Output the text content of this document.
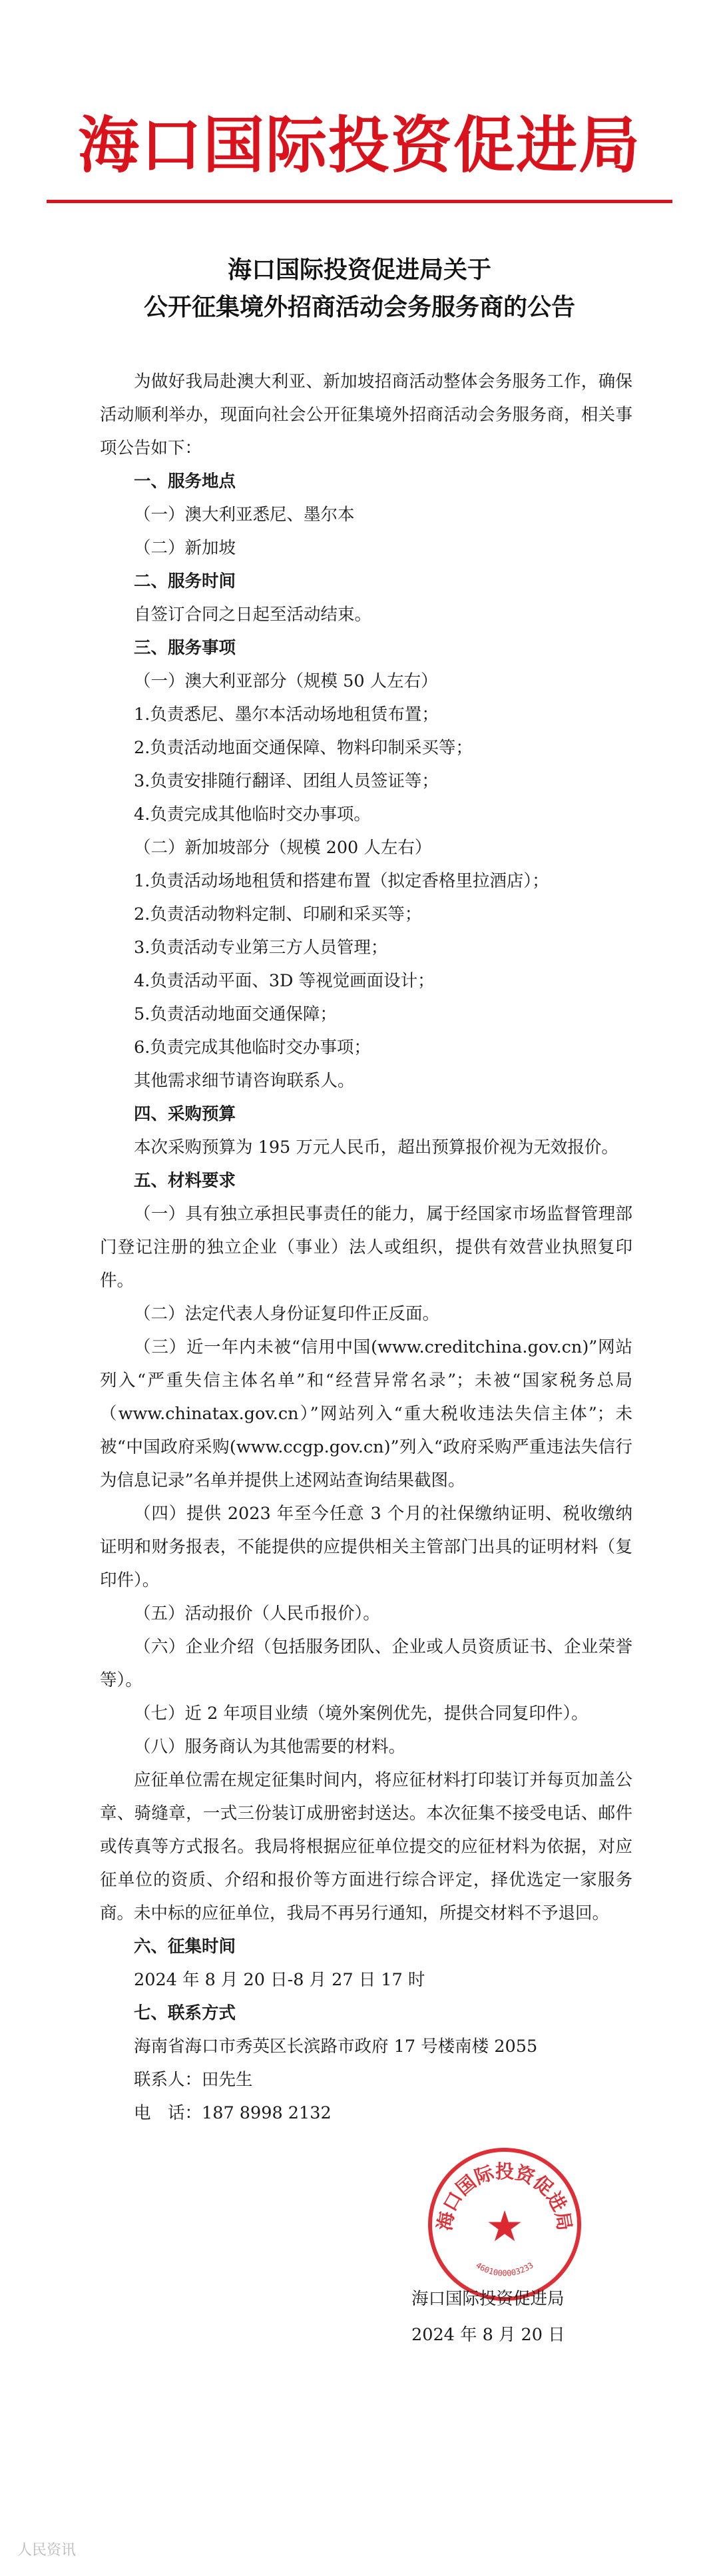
海口国际投资促进局
海口国际投资促进局关于
公开征集境外招商活动会务服务商的公告

为做好我局赴澳大利亚、新加坡招商活动整体会务服务工作，确保活动顺利举办，现面向社会公开征集境外招商活动会务服务商，相关事项公告如下：

一、服务地点

（一）澳大利亚悉尼、墨尔本

（二）新加坡

二、服务时间

自签订合同之日起至活动结束。

三、服务事项

（一）澳大利亚部分（规模 50 人左右）

1.负责悉尼、墨尔本活动场地租赁布置；

2.负责活动地面交通保障、物料印制采买等；

3.负责安排随行翻译、团组人员签证等；

4.负责完成其他临时交办事项。

（二）新加坡部分（规模 200 人左右）

1.负责活动场地租赁和搭建布置（拟定香格里拉酒店）；

2.负责活动物料定制、印刷和采买等；

3.负责活动专业第三方人员管理；

4.负责活动平面、3D 等视觉画面设计；

5.负责活动地面交通保障；

6.负责完成其他临时交办事项；

其他需求细节请咨询联系人。

四、采购预算

本次采购预算为 195 万元人民币，超出预算报价视为无效报价。

五、材料要求

（一）具有独立承担民事责任的能力，属于经国家市场监督管理部门登记注册的独立企业（事业）法人或组织，提供有效营业执照复印件。

（二）法定代表人身份证复印件正反面。

（三）近一年内未被“信用中国(www.creditchina.gov.cn)”网站列入“严重失信主体名单”和“经营异常名录”；未被“国家税务总局（www.chinatax.gov.cn）”网站列入“重大税收违法失信主体”；未被“中国政府采购(www.ccgp.gov.cn)”列入“政府采购严重违法失信行为信息记录”名单并提供上述网站查询结果截图。

（四）提供 2023 年至今任意 3 个月的社保缴纳证明、税收缴纳证明和财务报表，不能提供的应提供相关主管部门出具的证明材料（复印件）。

（五）活动报价（人民币报价）。

（六）企业介绍（包括服务团队、企业或人员资质证书、企业荣誉等）。

（七）近 2 年项目业绩（境外案例优先，提供合同复印件）。

（八）服务商认为其他需要的材料。

应征单位需在规定征集时间内，将应征材料打印装订并每页加盖公章、骑缝章，一式三份装订成册密封送达。本次征集不接受电话、邮件或传真等方式报名。我局将根据应征单位提交的应征材料为依据，对应征单位的资质、介绍和报价等方面进行综合评定，择优选定一家服务商。未中标的应征单位，我局不再另行通知，所提交材料不予退回。

六、征集时间

2024 年 8 月 20 日-8 月 27 日 17 时

七、联系方式

海南省海口市秀英区长滨路市政府 17 号楼南楼 2055

联系人：田先生

电　话：187 8998 2132

海口国际投资促进局
★
4601000003233
海口国际投资促进局
2024 年 8 月 20 日
人民资讯
